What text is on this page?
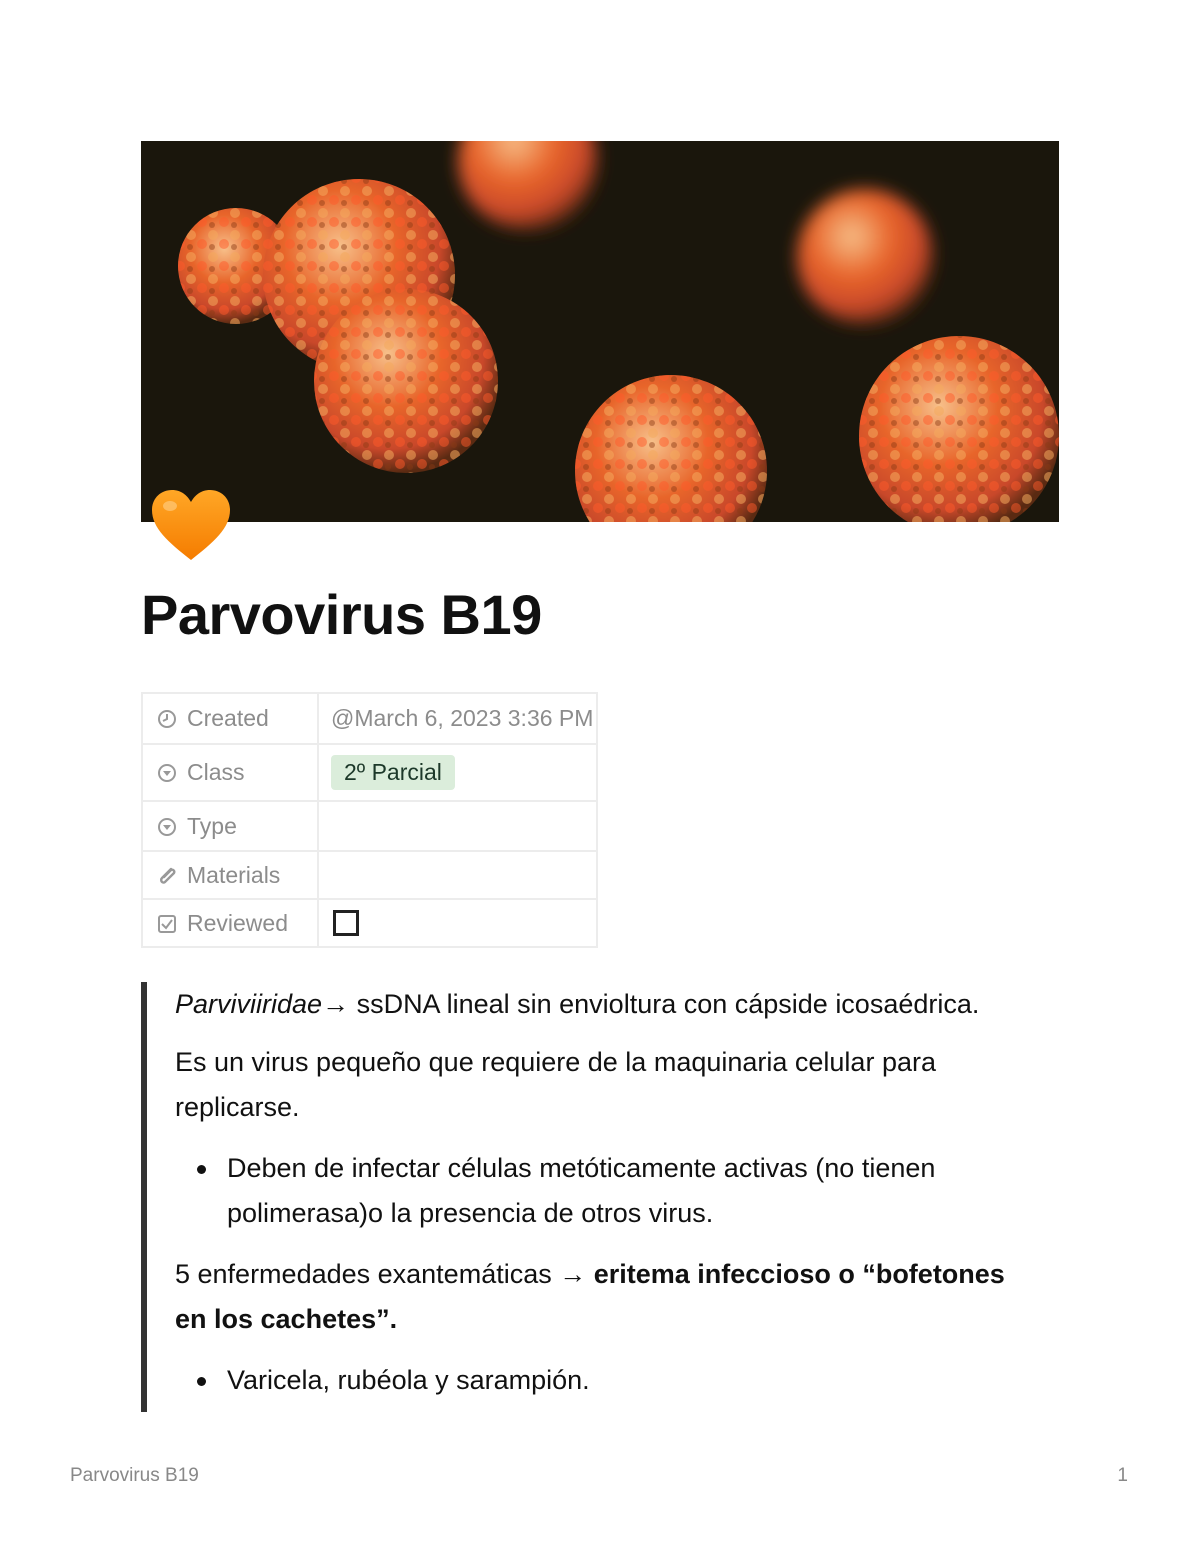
Parvovirus B19
Created	@March 6, 2023 3:36 PM
Class	2º Parcial
Type	
Materials	
Reviewed	

Parviviiridae→ ssDNA lineal sin envioltura con cápside icosaédrica.

Es un virus pequeño que requiere de la maquinaria celular para replicarse.

Deben de infectar células metóticamente activas (no tienen polimerasa)o la presencia de otros virus.

5 enfermedades exantemáticas → eritema infeccioso o “bofetones en los cachetes”.

Varicela, rubéola y sarampión.
Parvovirus B19	1
